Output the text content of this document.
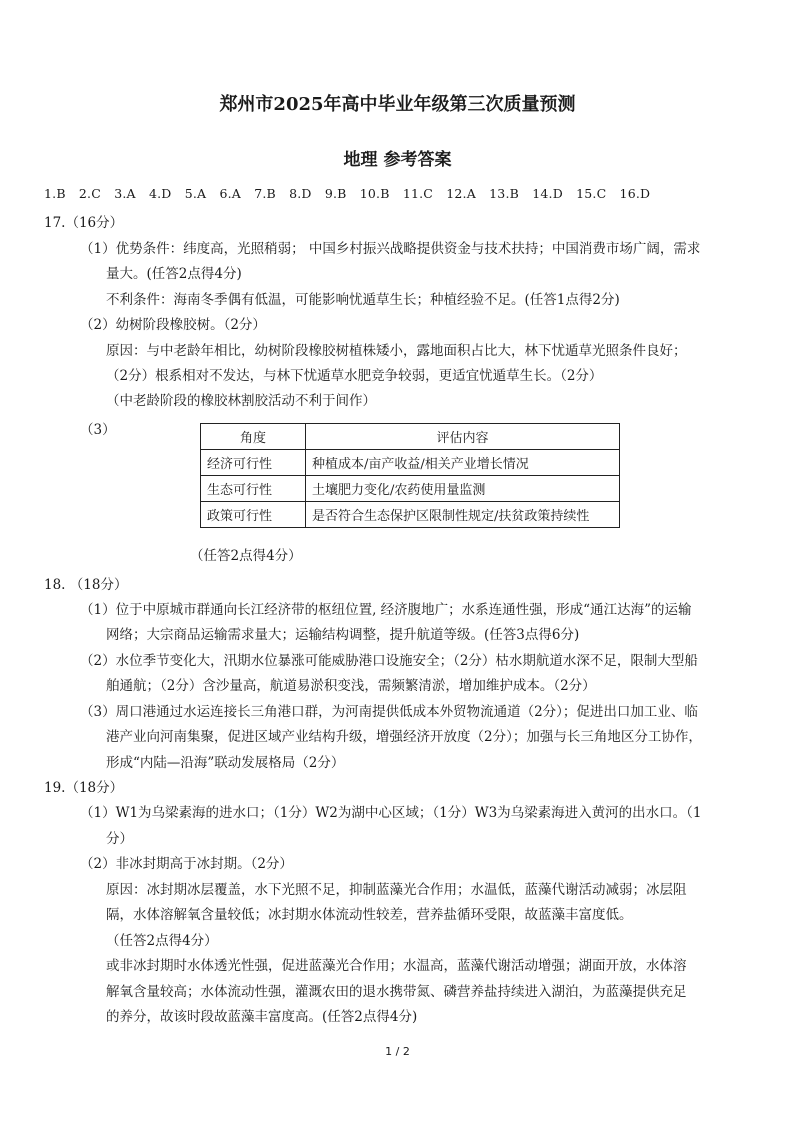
郑州市2025年高中毕业年级第三次质量预测
地理 参考答案
1.B 2.C 3.A 4.D 5.A 6.A 7.B 8.D 9.B 10.B 11.C 12.A 13.B 14.D 15.C 16.D
17.（16分）
（1）优势条件：纬度高，光照稍弱； 中国乡村振兴战略提供资金与技术扶持；中国消费市场广阔，需求
量大。(任答2点得4分)
不利条件：海南冬季偶有低温，可能影响忧遁草生长；种植经验不足。(任答1点得2分)
（2）幼树阶段橡胶树。（2分）
原因：与中老龄年相比，幼树阶段橡胶树植株矮小，露地面积占比大，林下忧遁草光照条件良好；
（2分）根系相对不发达，与林下忧遁草水肥竞争较弱，更适宜忧遁草生长。（2分）
（中老龄阶段的橡胶林割胶活动不利于间作）
（3）
角度	评估内容
经济可行性	种植成本/亩产收益/相关产业增长情况
生态可行性	土壤肥力变化/农药使用量监测
政策可行性	是否符合生态保护区限制性规定/扶贫政策持续性
（任答2点得4分）
18. （18分）
（1）位于中原城市群通向长江经济带的枢纽位置, 经济腹地广；水系连通性强，形成“通江达海”的运输
网络；大宗商品运输需求量大；运输结构调整，提升航道等级。(任答3点得6分)
（2）水位季节变化大，汛期水位暴涨可能威胁港口设施安全；（2分）枯水期航道水深不足，限制大型船
舶通航；（2分）含沙量高，航道易淤积变浅，需频繁清淤，增加维护成本。（2分）
（3）周口港通过水运连接长三角港口群，为河南提供低成本外贸物流通道（2分）；促进出口加工业、临
港产业向河南集聚，促进区域产业结构升级，增强经济开放度（2分）；加强与长三角地区分工协作，
形成“内陆—沿海”联动发展格局（2分）
19.（18分）
（1）W1为乌梁素海的进水口；（1分）W2为湖中心区域；（1分）W3为乌梁素海进入黄河的出水口。（1
分）
（2）非冰封期高于冰封期。（2分）
原因：冰封期冰层覆盖，水下光照不足，抑制蓝藻光合作用；水温低，蓝藻代谢活动减弱；冰层阻
隔，水体溶解氧含量较低；冰封期水体流动性较差，营养盐循环受限，故蓝藻丰富度低。
（任答2点得4分）
或非冰封期时水体透光性强，促进蓝藻光合作用；水温高，蓝藻代谢活动增强；湖面开放，水体溶
解氧含量较高；水体流动性强，灌溉农田的退水携带氮、磷营养盐持续进入湖泊，为蓝藻提供充足
的养分，故该时段故蓝藻丰富度高。(任答2点得4分)
1 / 2
